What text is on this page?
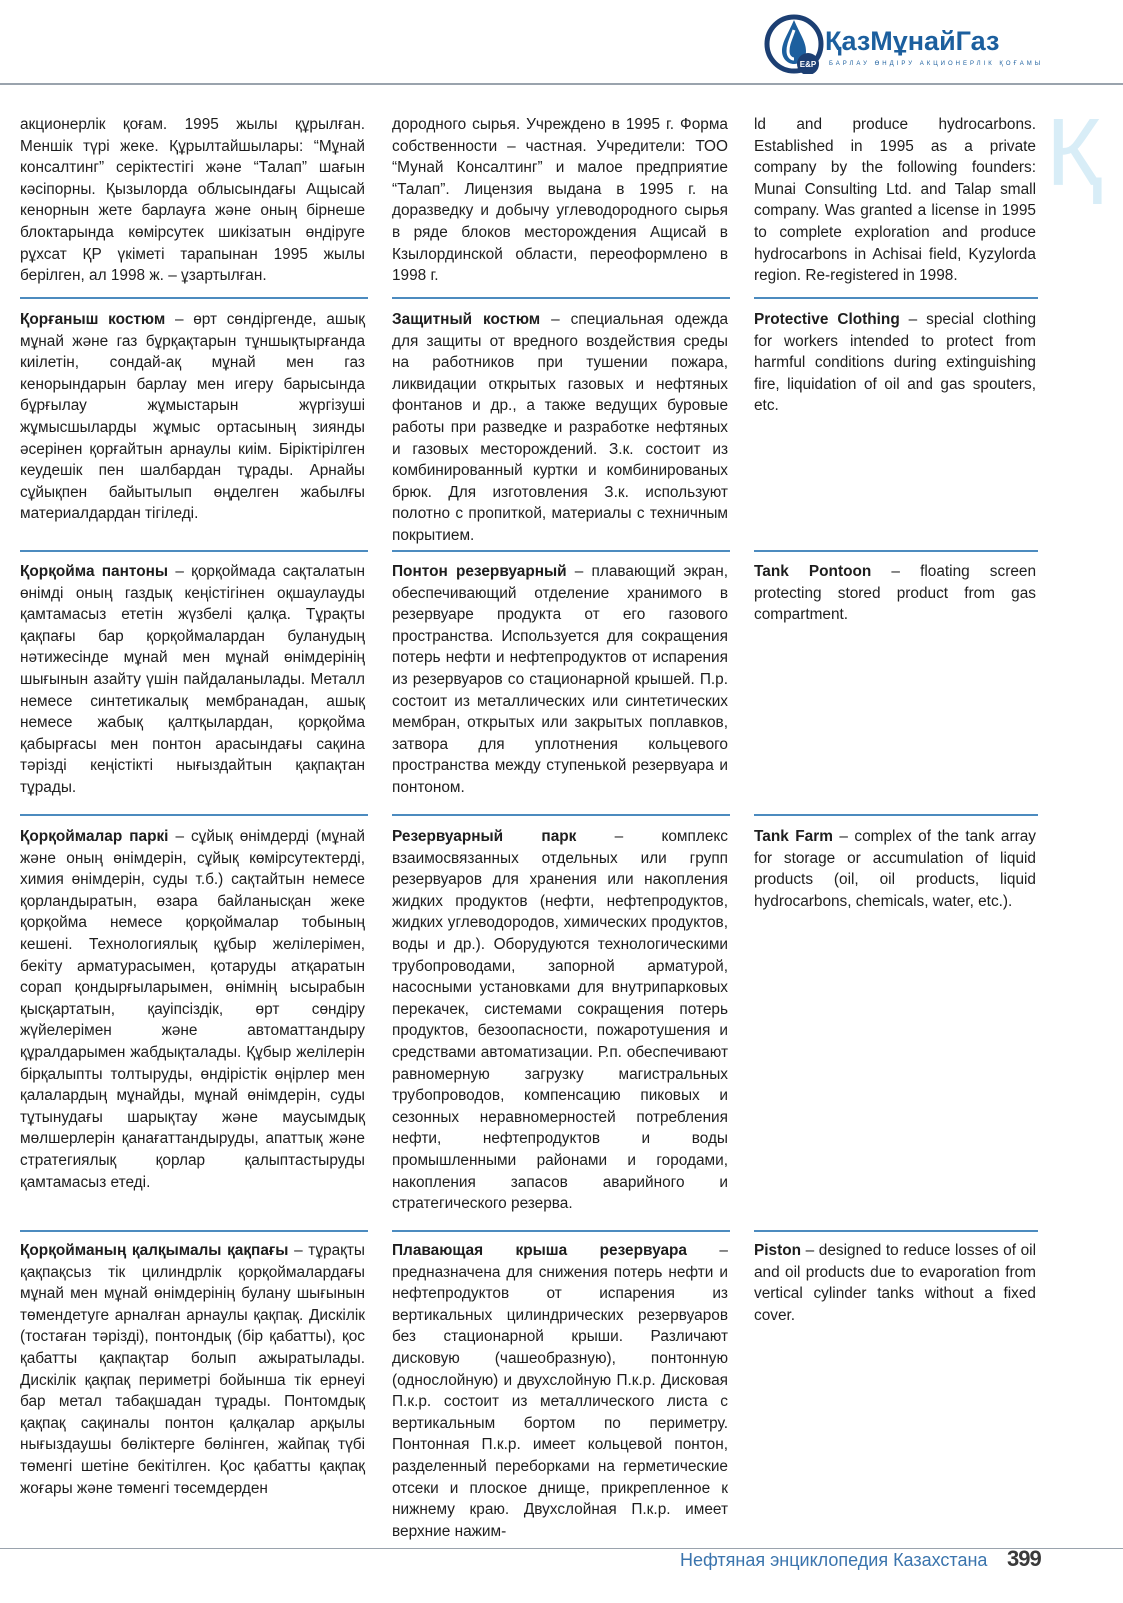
E&P
ҚазМұнайГаз
БАРЛАУ ӨНДІРУ АКЦИОНЕРЛІК ҚОҒАМЫ
Қ
акционерлік қоғам. 1995 жылы құрылған. Меншік түрі жеке. Құрылтайшылары: “Мұнай консалтинг” серіктестігі және “Талап” шағын кәсіпорны. Қызылорда облысындағы Ащысай кенорнын жете барлауға және оның бірнеше блоктарында көмірсутек шикізатын өндіруге рұхсат ҚР үкіметі тарапынан 1995 жылы берілген, ал 1998 ж. – ұзартылған.
дородного сырья. Учреждено в 1995 г. Форма собственности – частная. Учредители: ТОО “Мунай Консалтинг” и малое предприятие “Талап”. Лицензия выдана в 1995 г. на доразведку и добычу углеводородного сырья в ряде блоков месторождения Ащисай в Кзылординской области, переоформлено в 1998 г.
ld and produce hydrocarbons. Established in 1995 as a private company by the following founders: Munai Consulting Ltd. and Talap small company. Was granted a license in 1995 to complete exploration and produce hydrocarbons in Achisai field, Kyzylorda region. Re-registered in 1998.
Қорғаныш костюм – өрт сөндіргенде, ашық мұнай және газ бұрқақтарын тұншықтырғанда киілетін, сондай-ақ мұнай мен газ кенорындарын барлау мен игеру барысында бұрғылау жұмыстарын жүргізуші жұмысшыларды жұмыс ортасының зиянды әсерінен қорғайтын арнаулы киім. Біріктірілген кеудешік пен шалбардан тұрады. Арнайы сұйықпен байытылып өңделген жабылғы материалдардан тігіледі.
Защитный костюм – специальная одежда для защиты от вредного воздействия среды на работников при тушении пожара, ликвидации открытых газовых и нефтяных фонтанов и др., а также ведущих буровые работы при разведке и разработке нефтяных и газовых месторождений. З.к. состоит из комбинированный куртки и комбинированых брюк. Для изготовления З.к. используют полотно с пропиткой, материалы с техничным покрытием.
Protective Clothing – special clothing for workers intended to protect from harmful conditions during extinguishing fire, liquidation of oil and gas spouters, etc.
Қорқойма пантоны – қорқоймада сақталатын өнімді оның газдық кеңістігінен оқшаулауды қамтамасыз ететін жүзбелі қалқа. Тұрақты қақпағы бар қорқоймалардан буланудың нәтижесінде мұнай мен мұнай өнімдерінің шығынын азайту үшін пайдаланылады. Металл немесе синтетикалық мембранадан, ашық немесе жабық қалтқылардан, қорқойма қабырғасы мен понтон арасындағы сақина тәрізді кеңістікті нығыздайтын қақпақтан тұрады.
Понтон резервуарный – плавающий экран, обеспечивающий отделение хранимого в резервуаре продукта от его газового пространства. Используется для сокращения потерь нефти и нефтепродуктов от испарения из резервуаров со стационарной крышей. П.р. состоит из металлических или синтетических мембран, открытых или закрытых поплавков, затвора для уплотнения кольцевого пространства между ступенькой резервуара и понтоном.
Tank Pontoon – floating screen protecting stored product from gas compartment.
Қорқоймалар паркі – сұйық өнімдерді (мұнай және оның өнімдерін, сұйық көмірсутектерді, химия өнімдерін, суды т.б.) сақтайтын немесе қорландыратын, өзара байланысқан жеке қорқойма немесе қорқоймалар тобының кешені. Технологиялық құбыр желілерімен, бекіту арматурасымен, қотаруды атқаратын сорап қондырғыларымен, өнімнің ысырабын қысқартатын, қауіпсіздік, өрт сөндіру жүйелерімен және автоматтандыру құралдарымен жабдықталады. Құбыр желілерін бірқалыпты толтыруды, өндірістік өңірлер мен қалалардың мұнайды, мұнай өнімдерін, суды тұтынудағы шарықтау және маусымдық мөлшерлерін қанағаттандыруды, апаттық және стратегиялық қорлар қалыптастыруды қамтамасыз етеді.
Резервуарный парк – комплекс взаимосвязанных отдельных или групп резервуаров для хранения или накопления жидких продуктов (нефти, нефтепродуктов, жидких углеводородов, химических продуктов, воды и др.). Оборудуются технологическими трубопроводами, запорной арматурой, насосными установками для внутрипарковых перекачек, системами сокращения потерь продуктов, безоопасности, пожаротушения и средствами автоматизации. Р.п. обеспечивают равномерную загрузку магистральных трубопроводов, компенсацию пиковых и сезонных неравномерностей потребления нефти, нефтепродуктов и воды промышленными районами и городами, накопления запасов аварийного и стратегического резерва.
Tank Farm – complex of the tank array for storage or accumulation of liquid products (oil, oil products, liquid hydrocarbons, chemicals, water, etc.).
Қорқойманың қалқымалы қақпағы – тұрақты қақпақсыз тік цилиндрлік қорқоймалардағы мұнай мен мұнай өнімдерінің булану шығынын төмендетуге арналған арнаулы қақпақ. Дискілік (тостаған тәрізді), понтондық (бір қабатты), қос қабатты қақпақтар болып ажыратылады. Дискілік қақпақ периметрі бойынша тік ернеуі бар метал табақшадан тұрады. Понтомдық қақпақ сақиналы понтон қалқалар арқылы нығыздаушы бөліктерге бөлінген, жайпақ түбі төменгі шетіне бекітілген. Қос қабатты қақпақ жоғары және төменгі төсемдерден
Плавающая крыша резервуара – предназначена для снижения потерь нефти и нефтепродуктов от испарения из вертикальных цилиндрических резервуаров без стационарной крыши. Различают дисковую (чашеобразную), понтонную (однослойную) и двухслойную П.к.р. Дисковая П.к.р. состоит из металлического листа с вертикальным бортом по периметру. Понтонная П.к.р. имеет кольцевой понтон, разделенный переборками на герметические отсеки и плоское днище, прикрепленное к нижнему краю. Двухслойная П.к.р. имеет верхние нажим-
Piston – designed to reduce losses of oil and oil products due to evaporation from vertical cylinder tanks without a fixed cover.
Нефтяная энциклопедия Казахстана 399
